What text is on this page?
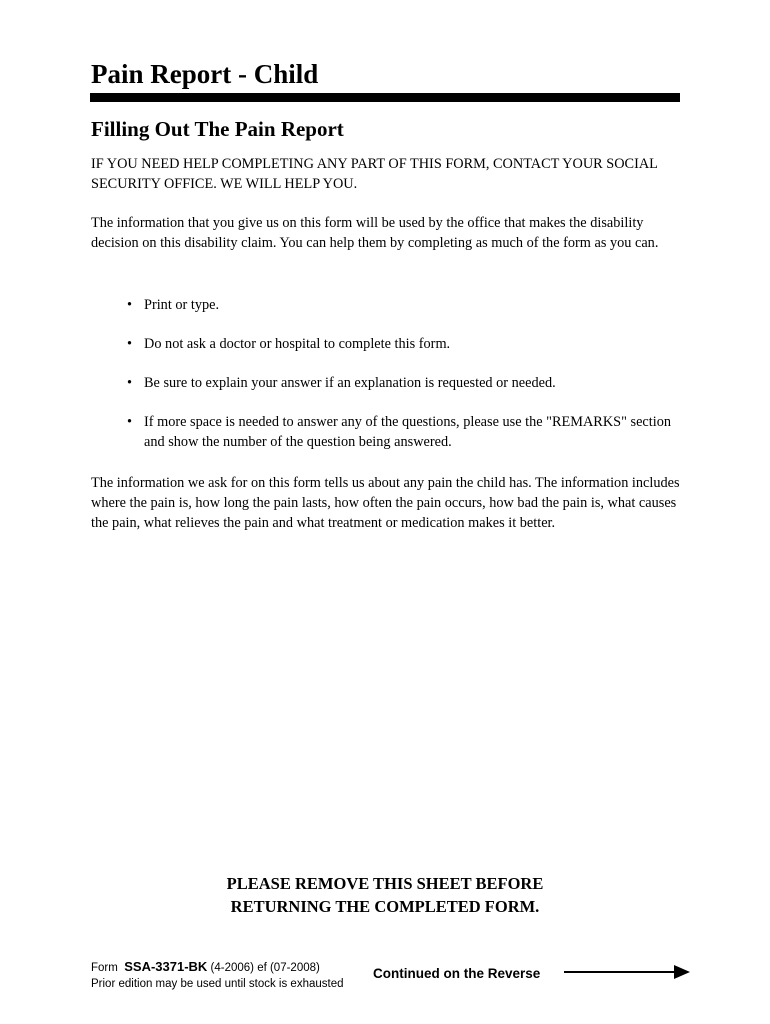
Pain Report - Child
Filling Out The Pain Report

IF YOU NEED HELP COMPLETING ANY PART OF THIS FORM, CONTACT YOUR SOCIAL SECURITY OFFICE. WE WILL HELP YOU.

The information that you give us on this form will be used by the office that makes the disability decision on this disability claim. You can help them by completing as much of the form as you can.

• Print or type.
• Do not ask a doctor or hospital to complete this form.
• Be sure to explain your answer if an explanation is requested or needed.
• If more space is needed to answer any of the questions, please use the "REMARKS" section and show the number of the question being answered.

The information we ask for on this form tells us about any pain the child has. The information includes where the pain is, how long the pain lasts, how often the pain occurs, how bad the pain is, what causes the pain, what relieves the pain and what treatment or medication makes it better.

PLEASE REMOVE THIS SHEET BEFORE
RETURNING THE COMPLETED FORM.
Form SSA-3371-BK (4-2006) ef (07-2008)
Prior edition may be used until stock is exhausted
Continued on the Reverse
